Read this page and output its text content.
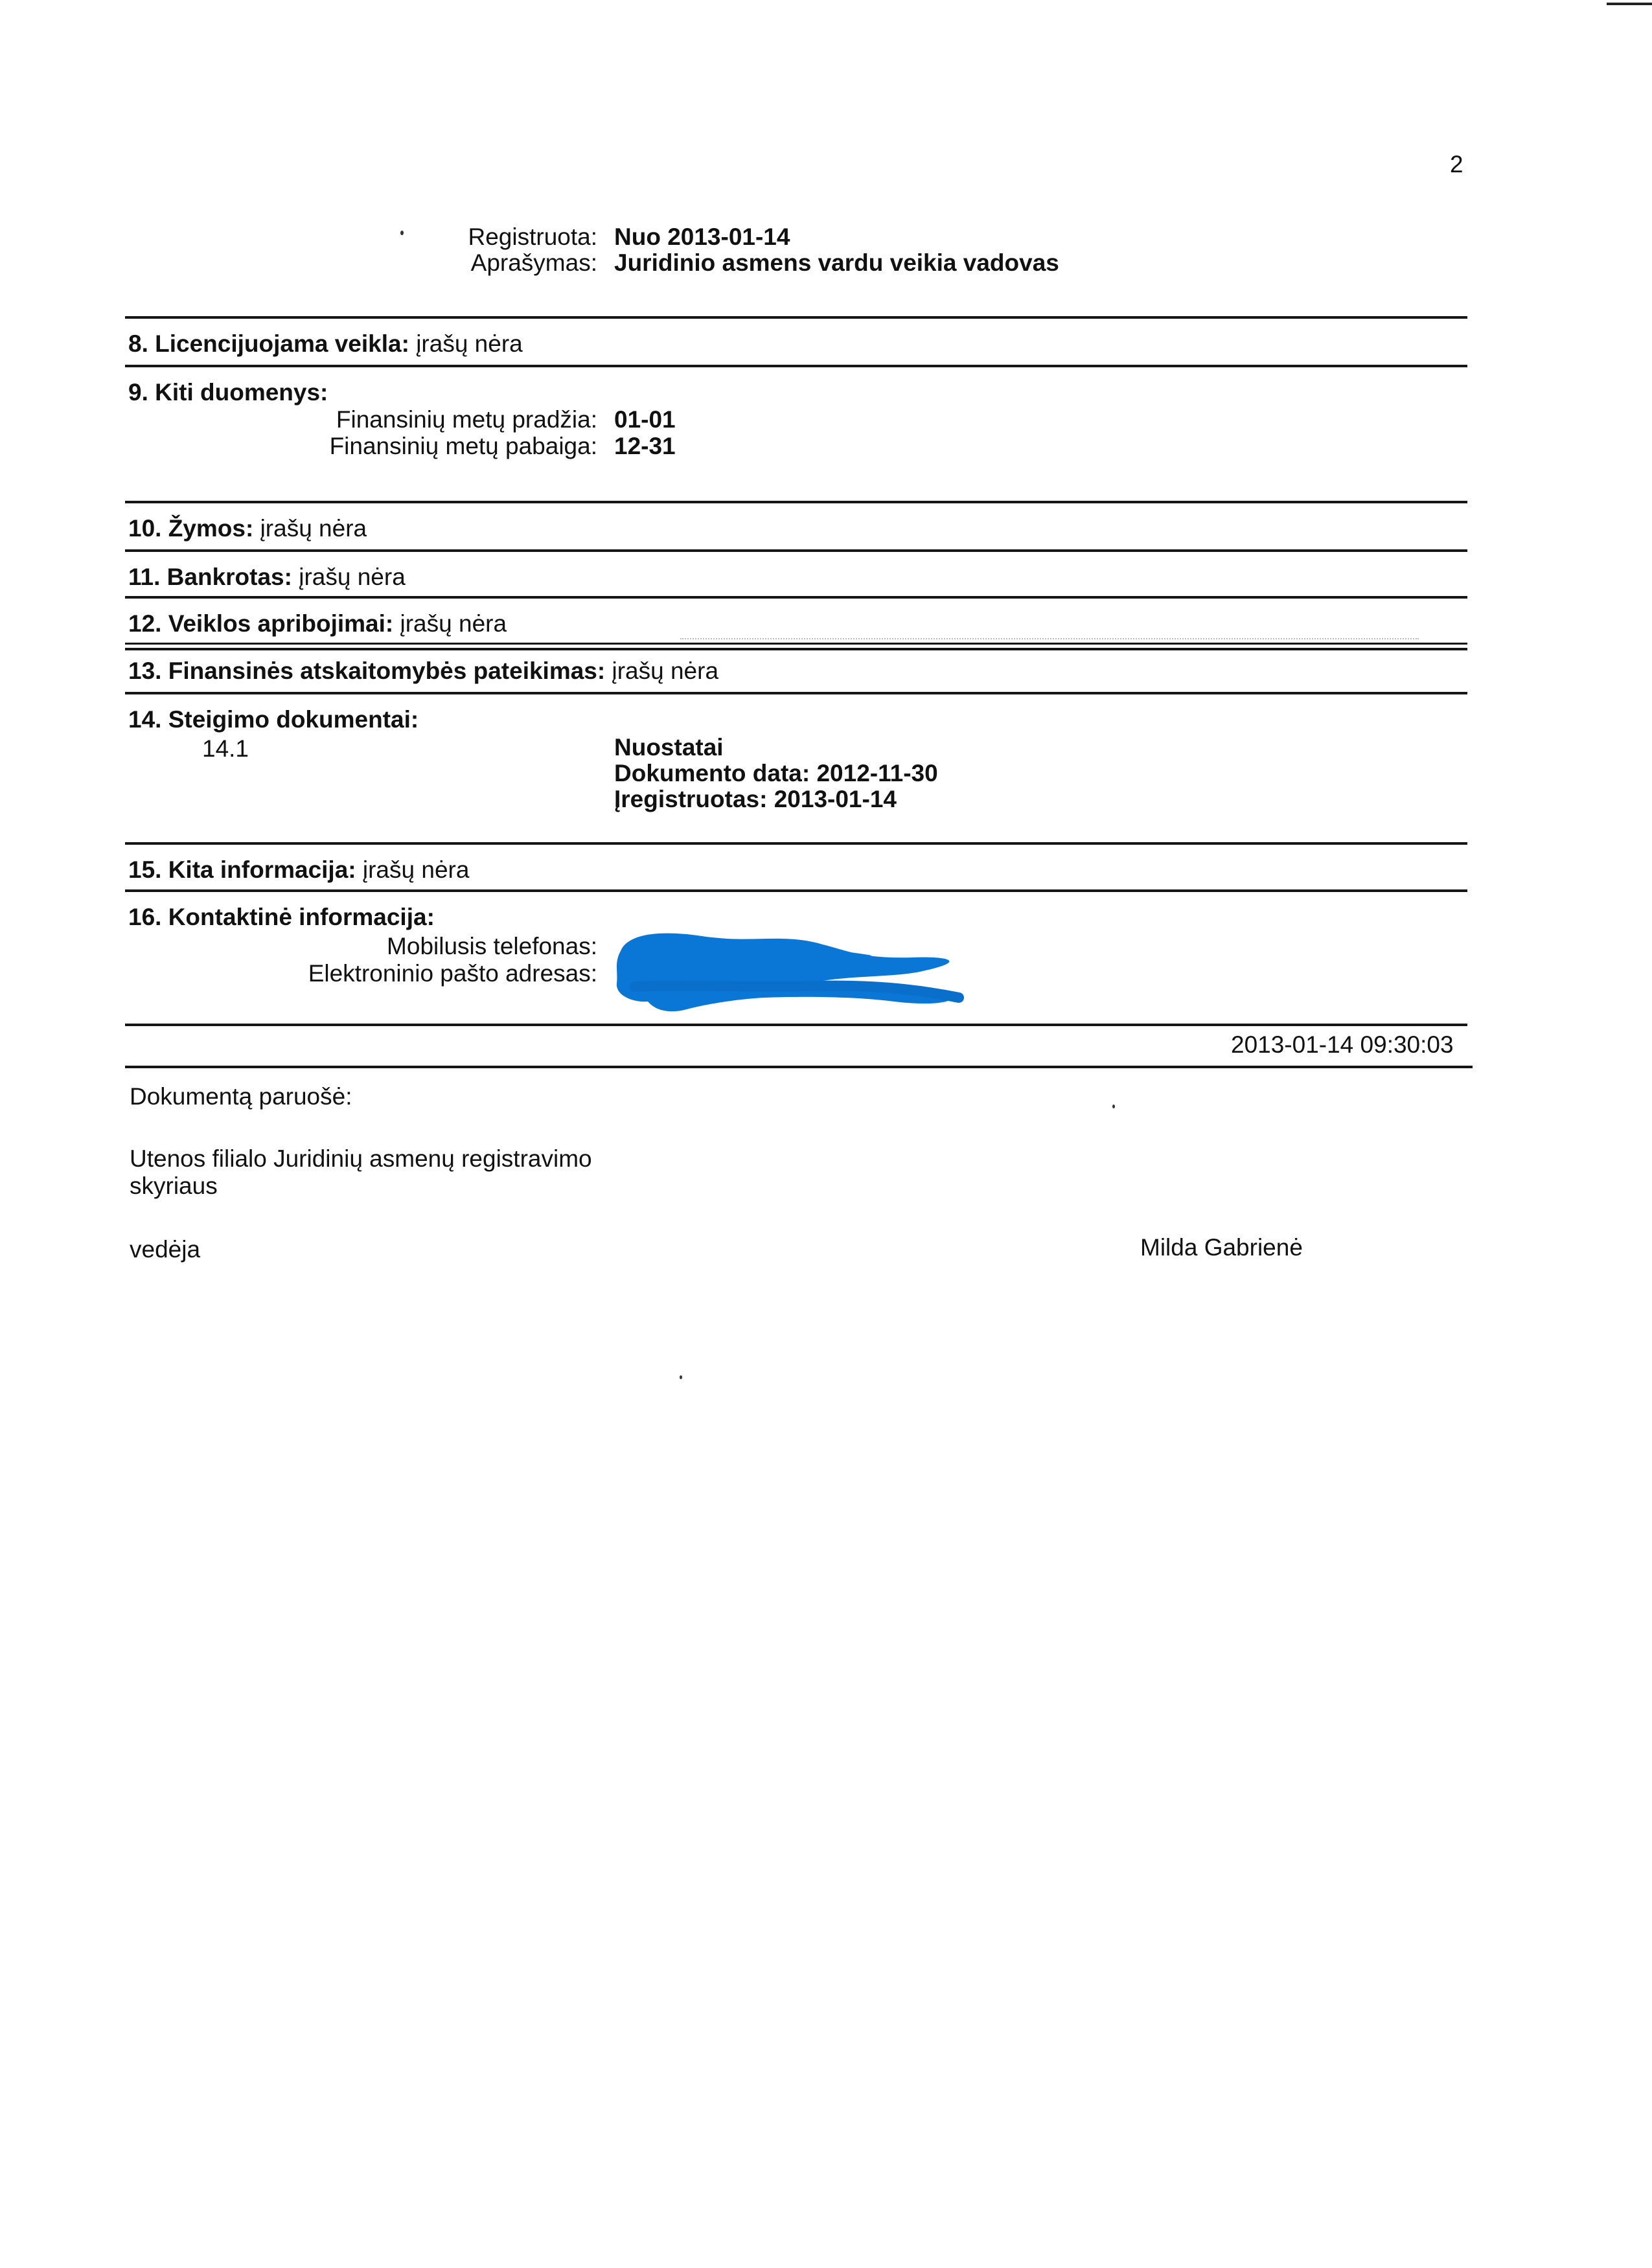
2
Registruota: Nuo 2013-01-14
Aprašymas: Juridinio asmens vardu veikia vadovas
8. Licencijuojama veikla: įrašų nėra
9. Kiti duomenys:
Finansinių metų pradžia: 01-01
Finansinių metų pabaiga: 12-31
10. Žymos: įrašų nėra
11. Bankrotas: įrašų nėra
12. Veiklos apribojimai: įrašų nėra
13. Finansinės atskaitomybės pateikimas: įrašų nėra
14. Steigimo dokumentai:
14.1	Nuostatai
Dokumento data: 2012-11-30
Įregistruotas: 2013-01-14
15. Kita informacija: įrašų nėra
16. Kontaktinė informacija:
Mobilusis telefonas:
Elektroninio pašto adresas:
2013-01-14 09:30:03
Dokumentą paruošė:
Utenos filialo Juridinių asmenų registravimo
skyriaus
vedėja	Milda Gabrienė
